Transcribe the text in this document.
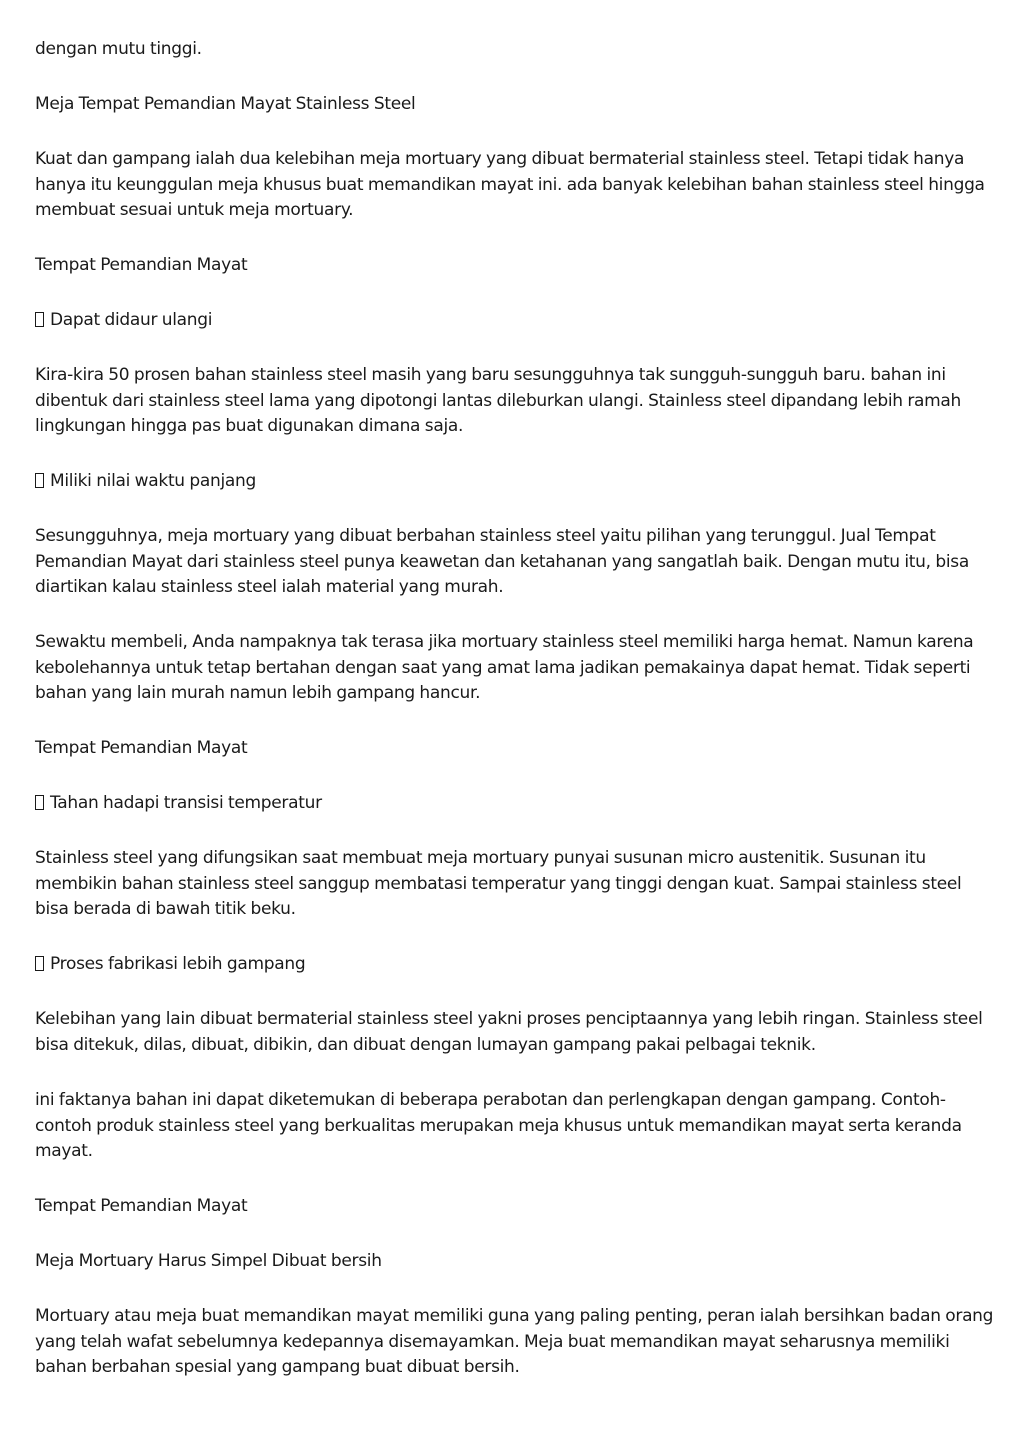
dengan mutu tinggi.

Meja Tempat Pemandian Mayat Stainless Steel

Kuat dan gampang ialah dua kelebihan meja mortuary yang dibuat bermaterial stainless steel. Tetapi tidak hanya hanya itu keunggulan meja khusus buat memandikan mayat ini. ada banyak kelebihan bahan stainless steel hingga membuat sesuai untuk meja mortuary.

Tempat Pemandian Mayat

Dapat didaur ulangi

Kira-kira 50 prosen bahan stainless steel masih yang baru sesungguhnya tak sungguh-sungguh baru. bahan ini dibentuk dari stainless steel lama yang dipotongi lantas dileburkan ulangi. Stainless steel dipandang lebih ramah lingkungan hingga pas buat digunakan dimana saja.

Miliki nilai waktu panjang

Sesungguhnya, meja mortuary yang dibuat berbahan stainless steel yaitu pilihan yang terunggul. Jual Tempat Pemandian Mayat dari stainless steel punya keawetan dan ketahanan yang sangatlah baik. Dengan mutu itu, bisa diartikan kalau stainless steel ialah material yang murah.

Sewaktu membeli, Anda nampaknya tak terasa jika mortuary stainless steel memiliki harga hemat. Namun karena kebolehannya untuk tetap bertahan dengan saat yang amat lama jadikan pemakainya dapat hemat. Tidak seperti bahan yang lain murah namun lebih gampang hancur.

Tempat Pemandian Mayat

Tahan hadapi transisi temperatur

Stainless steel yang difungsikan saat membuat meja mortuary punyai susunan micro austenitik. Susunan itu membikin bahan stainless steel sanggup membatasi temperatur yang tinggi dengan kuat. Sampai stainless steel bisa berada di bawah titik beku.

Proses fabrikasi lebih gampang

Kelebihan yang lain dibuat bermaterial stainless steel yakni proses penciptaannya yang lebih ringan. Stainless steel bisa ditekuk, dilas, dibuat, dibikin, dan dibuat dengan lumayan gampang pakai pelbagai teknik.

ini faktanya bahan ini dapat diketemukan di beberapa perabotan dan perlengkapan dengan gampang. Contoh-contoh produk stainless steel yang berkualitas merupakan meja khusus untuk memandikan mayat serta keranda mayat.

Tempat Pemandian Mayat

Meja Mortuary Harus Simpel Dibuat bersih

Mortuary atau meja buat memandikan mayat memiliki guna yang paling penting, peran ialah bersihkan badan orang yang telah wafat sebelumnya kedepannya disemayamkan. Meja buat memandikan mayat seharusnya memiliki bahan berbahan spesial yang gampang buat dibuat bersih.
